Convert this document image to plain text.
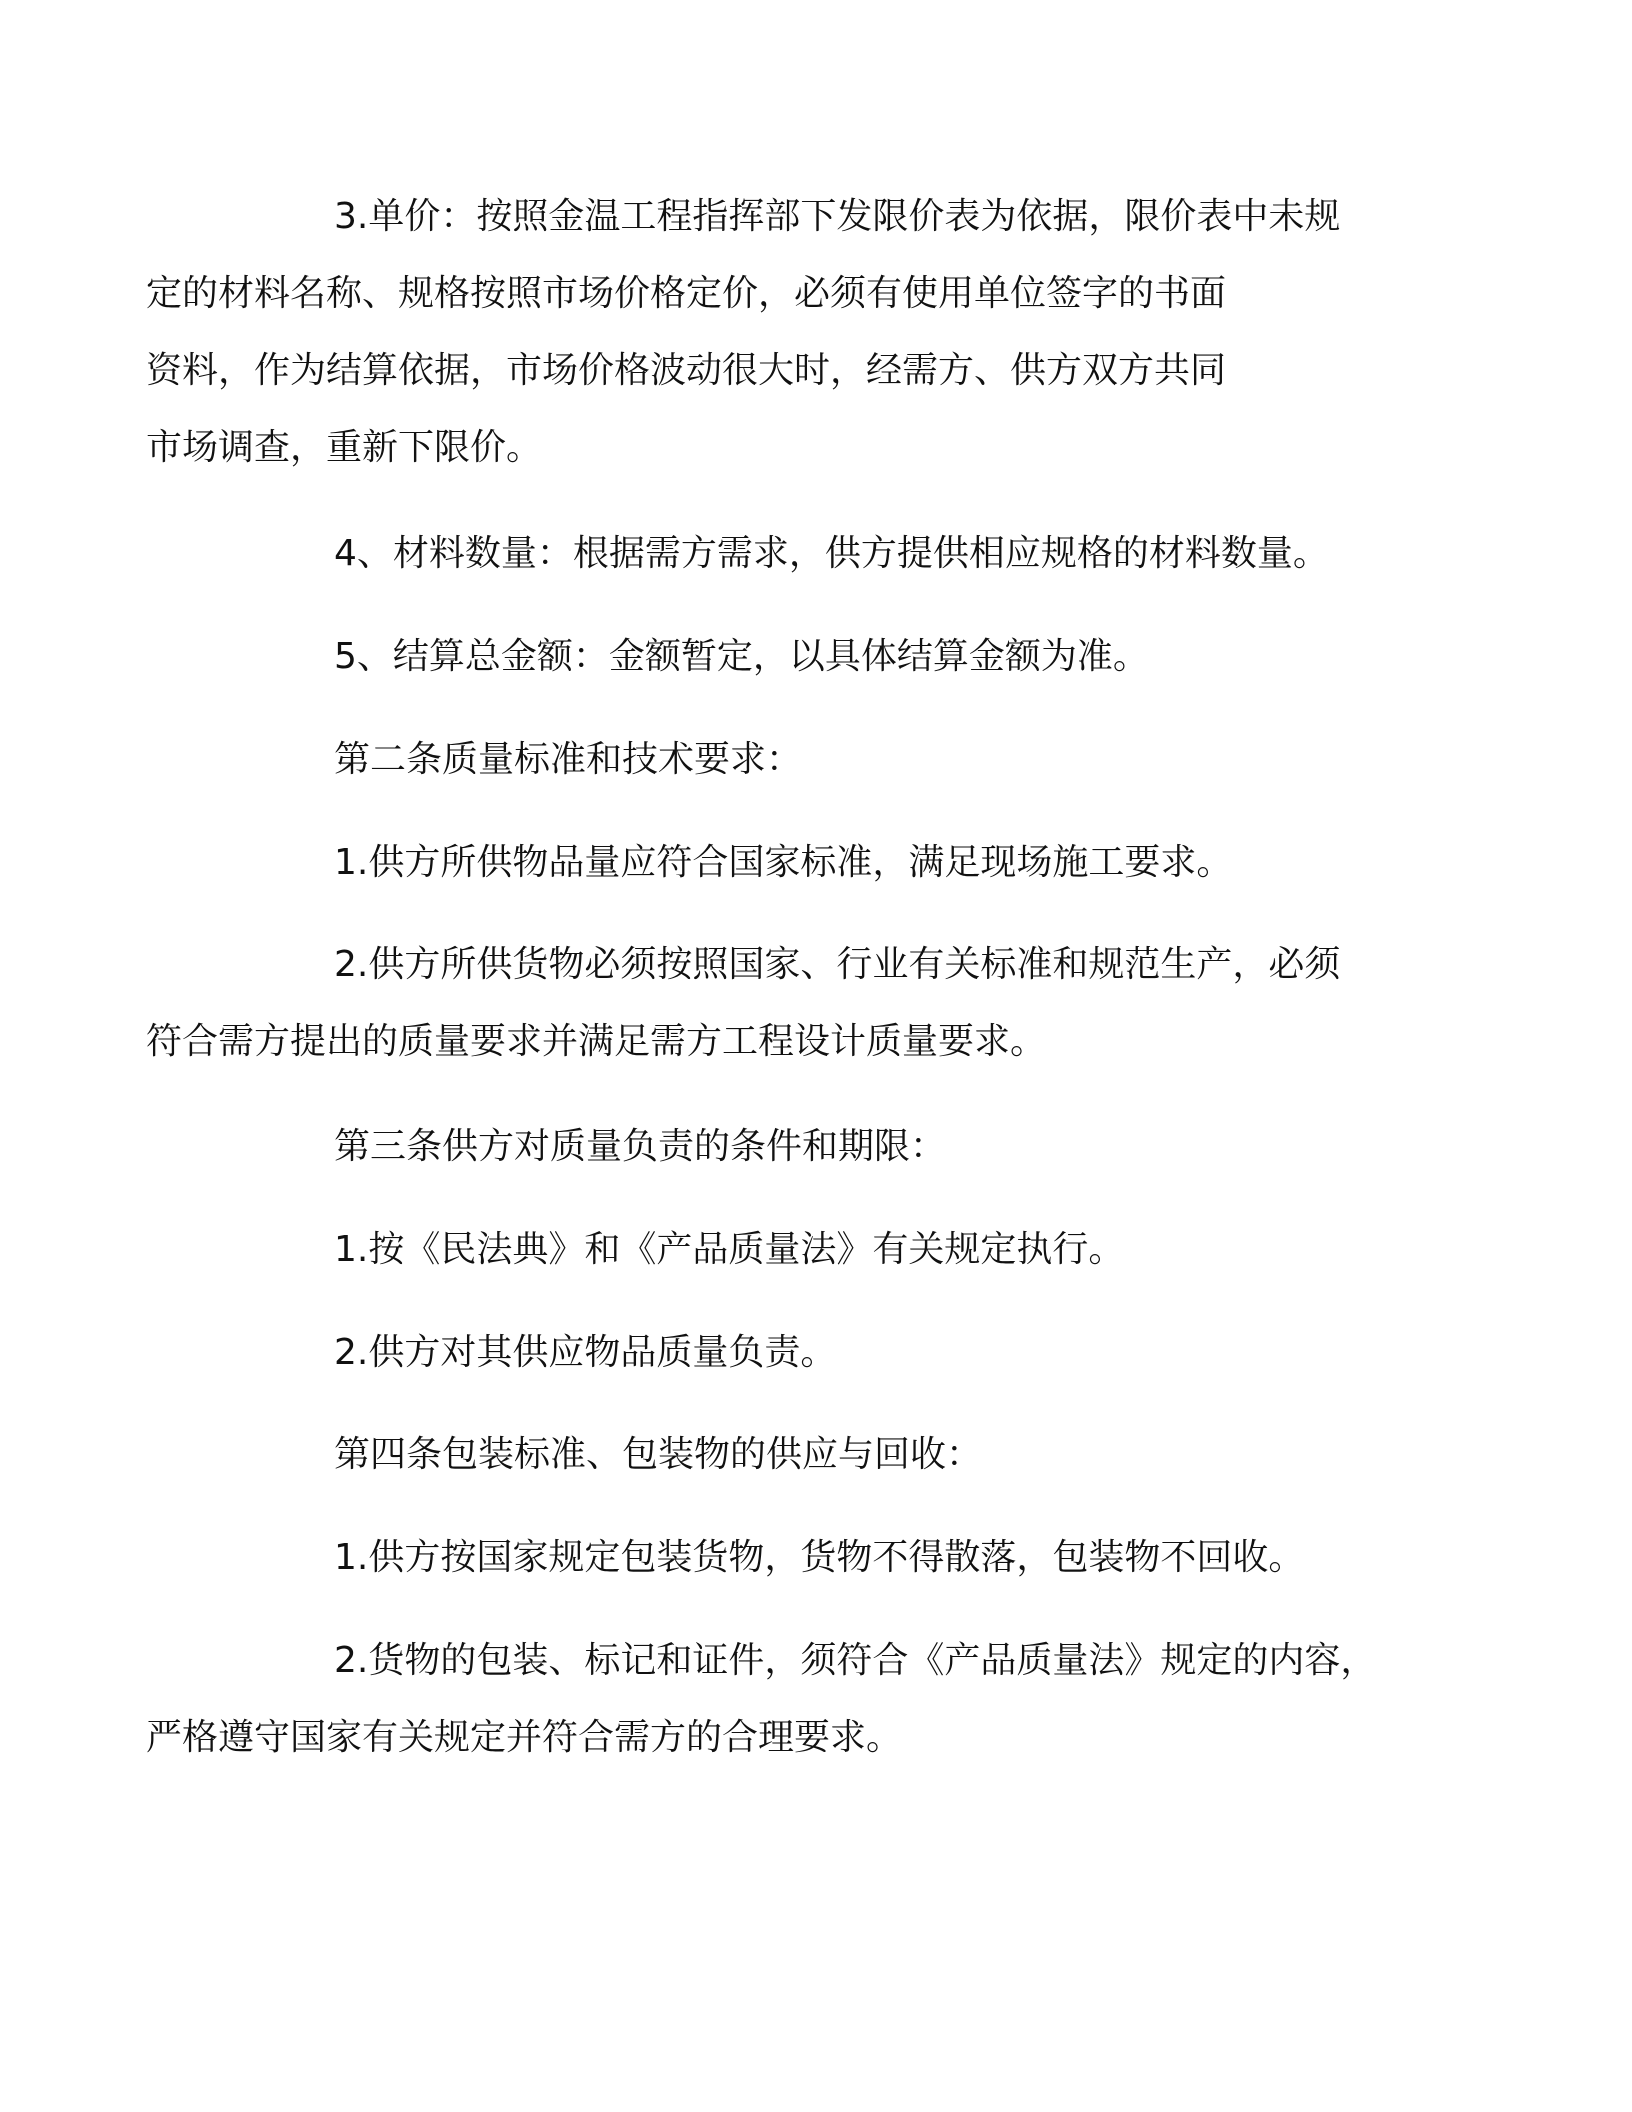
3.单价：按照金温工程指挥部下发限价表为依据，限价表中未规
定的材料名称、规格按照市场价格定价，必须有使用单位签字的书面
资料，作为结算依据，市场价格波动很大时，经需方、供方双方共同
市场调查，重新下限价。

4、材料数量：根据需方需求，供方提供相应规格的材料数量。

5、结算总金额：金额暂定，以具体结算金额为准。

第二条质量标准和技术要求：

1.供方所供物品量应符合国家标准，满足现场施工要求。

2.供方所供货物必须按照国家、行业有关标准和规范生产，必须
符合需方提出的质量要求并满足需方工程设计质量要求。

第三条供方对质量负责的条件和期限：

1.按《民法典》和《产品质量法》有关规定执行。

2.供方对其供应物品质量负责。

第四条包装标准、包装物的供应与回收：

1.供方按国家规定包装货物，货物不得散落，包装物不回收。

2.货物的包装、标记和证件，须符合《产品质量法》规定的内容，
严格遵守国家有关规定并符合需方的合理要求。
